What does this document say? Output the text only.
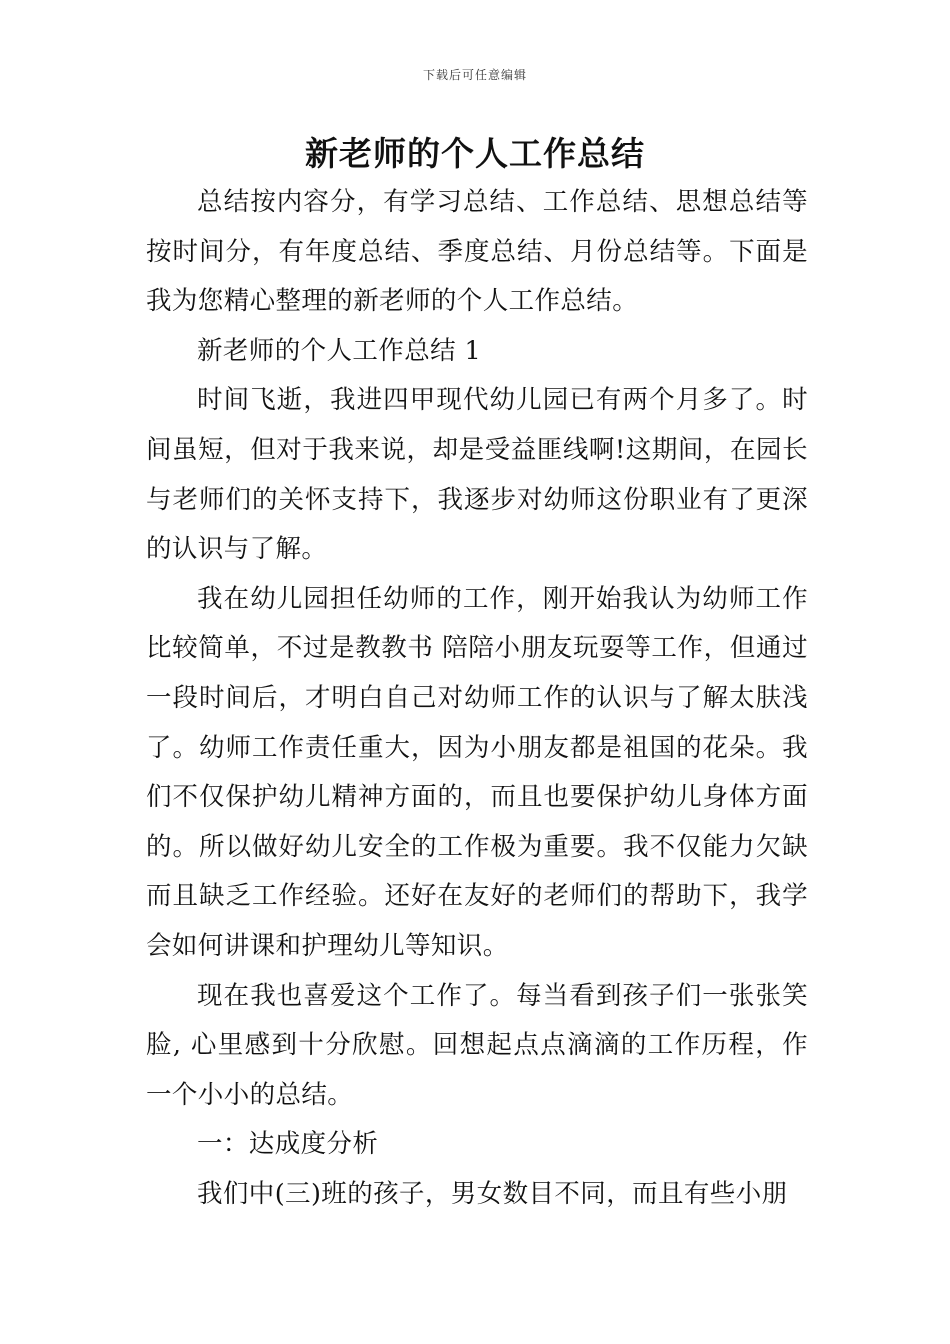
下载后可任意编辑
新老师的个人工作总结

总结按内容分，有学习总结、工作总结、思想总结等按时间分，有年度总结、季度总结、月份总结等。下面是我为您精心整理的新老师的个人工作总结。

新老师的个人工作总结 1

时间飞逝，我进四甲现代幼儿园已有两个月多了。时间虽短，但对于我来说，却是受益匪线啊!这期间，在园长与老师们的关怀支持下，我逐步对幼师这份职业有了更深的认识与了解。

我在幼儿园担任幼师的工作，刚开始我认为幼师工作比较简单，不过是教教书 陪陪小朋友玩耍等工作，但通过一段时间后，才明白自己对幼师工作的认识与了解太肤浅了。幼师工作责任重大，因为小朋友都是祖国的花朵。我们不仅保护幼儿精神方面的，而且也要保护幼儿身体方面的。所以做好幼儿安全的工作极为重要。我不仅能力欠缺而且缺乏工作经验。还好在友好的老师们的帮助下，我学会如何讲课和护理幼儿等知识。

现在我也喜爱这个工作了。每当看到孩子们一张张笑脸, 心里感到十分欣慰。回想起点点滴滴的工作历程，作一个小小的总结。

一：达成度分析

我们中(三)班的孩子，男女数目不同，而且有些小朋
